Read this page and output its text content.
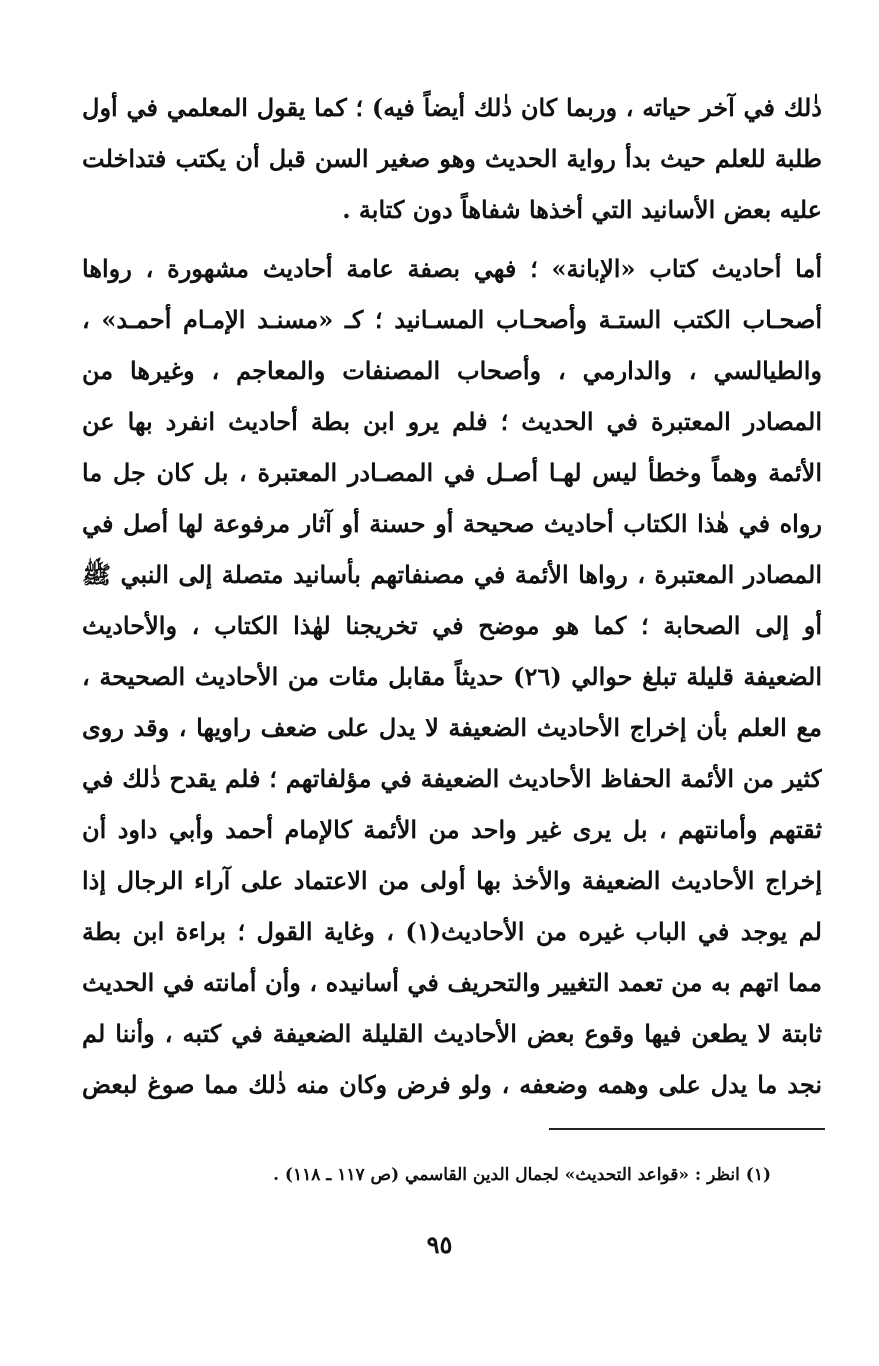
ذٰلك في آخر حياته ، وربما كان ذٰلك أيضاً فيه) ؛ كما يقول المعلمي في أول طلبة للعلم حيث بدأ رواية الحديث وهو صغير السن قبل أن يكتب فتداخلت عليه بعض الأسانيد التي أخذها شفاهاً دون كتابة .

أما أحاديث كتاب «الإبانة» ؛ فهي بصفة عامة أحاديث مشهورة ، رواها أصحـاب الكتب الستـة وأصحـاب المسـانيد ؛ كـ «مسنـد الإمـام أحمـد» ، والطيالسي ، والدارمي ، وأصحاب المصنفات والمعاجم ، وغيرها من المصادر المعتبرة في الحديث ؛ فلم يرو ابن بطة أحاديث انفرد بها عن الأئمة وهماً وخطأ ليس لهـا أصـل في المصـادر المعتبرة ، بل كان جل ما رواه في هٰذا الكتاب أحاديث صحيحة أو حسنة أو آثار مرفوعة لها أصل في المصادر المعتبرة ، رواها الأئمة في مصنفاتهم بأسانيد متصلة إلى النبي ﷺ أو إلى الصحابة ؛ كما هو موضح في تخريجنا لهٰذا الكتاب ، والأحاديث الضعيفة قليلة تبلغ حوالي (٢٦) حديثاً مقابل مئات من الأحاديث الصحيحة ، مع العلم بأن إخراج الأحاديث الضعيفة لا يدل على ضعف راويها ، وقد روى كثير من الأئمة الحفاظ الأحاديث الضعيفة في مؤلفاتهم ؛ فلم يقدح ذٰلك في ثقتهم وأمانتهم ، بل يرى غير واحد من الأئمة كالإمام أحمد وأبي داود أن إخراج الأحاديث الضعيفة والأخذ بها أولى من الاعتماد على آراء الرجال إذا لم يوجد في الباب غيره من الأحاديث(١) ، وغاية القول ؛ براءة ابن بطة مما اتهم به من تعمد التغيير والتحريف في أسانيده ، وأن أمانته في الحديث ثابتة لا يطعن فيها وقوع بعض الأحاديث القليلة الضعيفة في كتبه ، وأننا لم نجد ما يدل على وهمه وضعفه ، ولو فرض وكان منه ذٰلك مما صوغ لبعض

(١) انظر : «قواعد التحديث» لجمال الدين القاسمي (ص ١١٧ ـ ١١٨) .
٩٥
